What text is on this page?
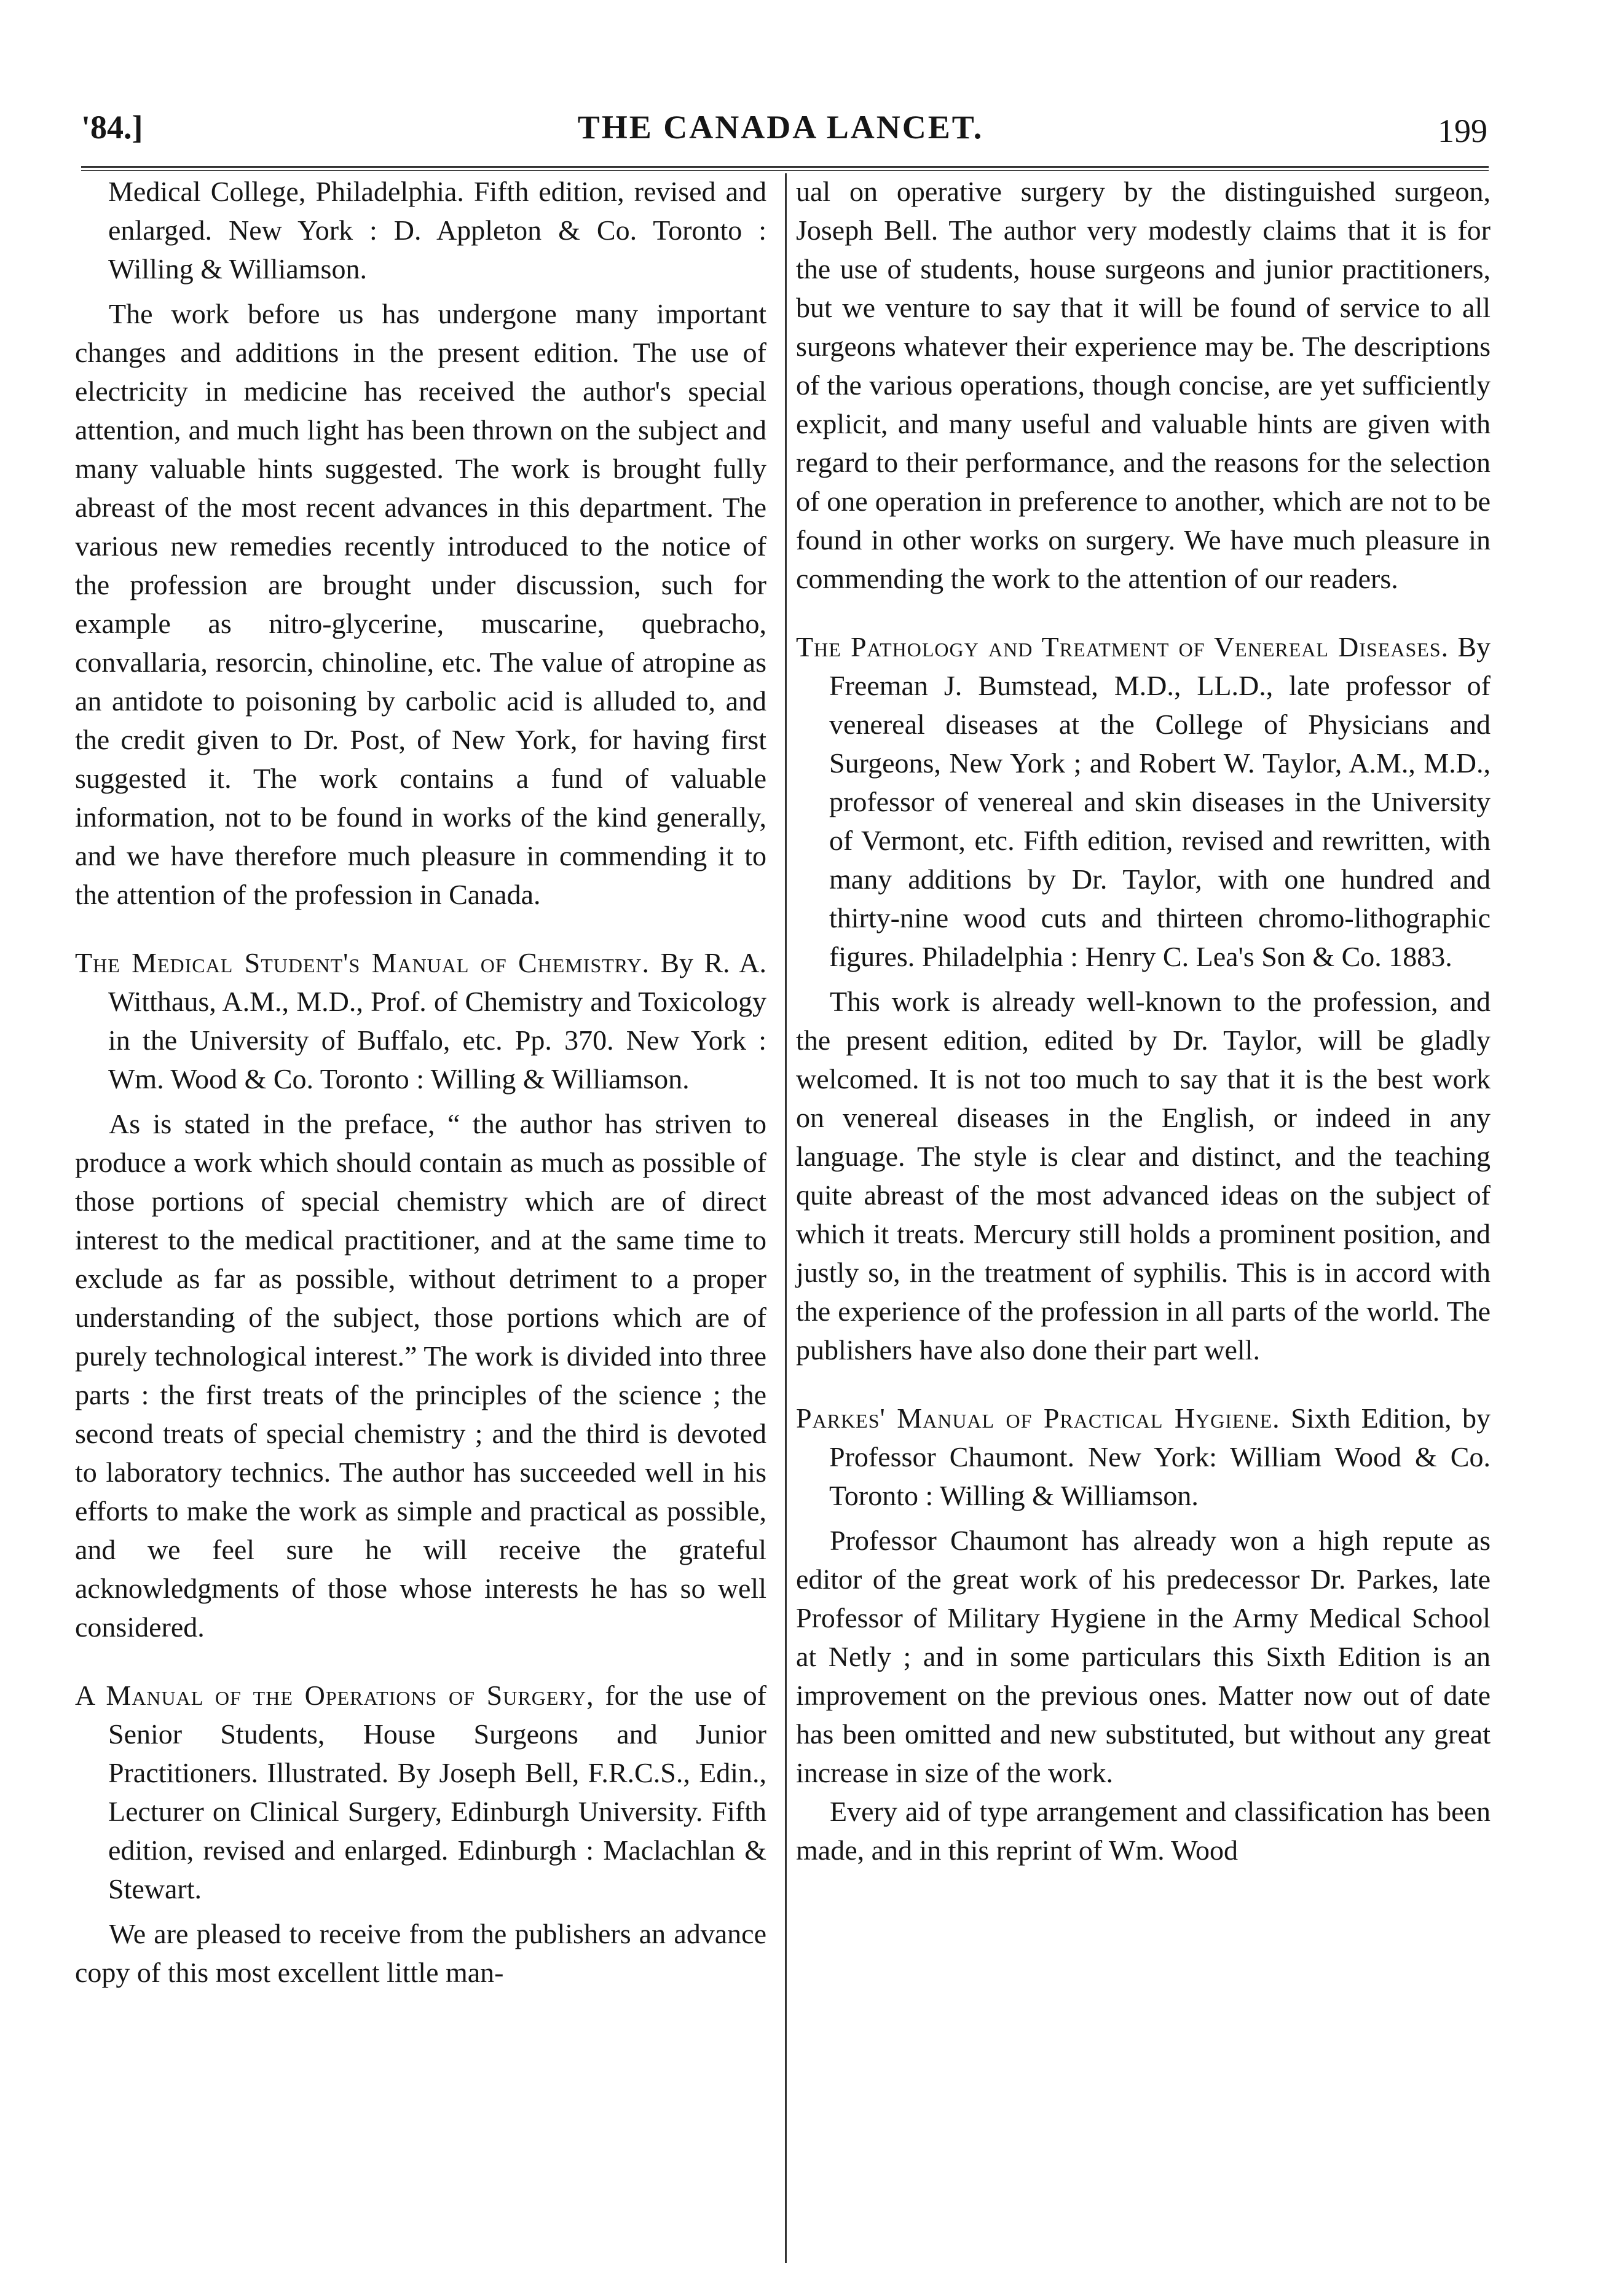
'84.]	THE CANADA LANCET.	199

Medical College, Philadelphia. Fifth edition, revised and enlarged. New York : D. Appleton & Co. Toronto : Willing & Williamson.

The work before us has undergone many important changes and additions in the present edition. The use of electricity in medicine has received the author's special attention, and much light has been thrown on the subject and many valuable hints suggested. The work is brought fully abreast of the most recent advances in this department. The various new remedies recently introduced to the notice of the profession are brought under discussion, such for example as nitro-glycerine, muscarine, quebracho, convallaria, resorcin, chinoline, etc. The value of atropine as an antidote to poisoning by carbolic acid is alluded to, and the credit given to Dr. Post, of New York, for having first suggested it. The work contains a fund of valuable information, not to be found in works of the kind generally, and we have therefore much pleasure in commending it to the attention of the profession in Canada.

The Medical Student's Manual of Chemistry. By R. A. Witthaus, A.M., M.D., Prof. of Chemistry and Toxicology in the University of Buffalo, etc. Pp. 370. New York : Wm. Wood & Co. Toronto : Willing & Williamson.

As is stated in the preface, “ the author has striven to produce a work which should contain as much as possible of those portions of special chemistry which are of direct interest to the medical practitioner, and at the same time to exclude as far as possible, without detriment to a proper understanding of the subject, those portions which are of purely technological interest.” The work is divided into three parts : the first treats of the principles of the science ; the second treats of special chemistry ; and the third is devoted to laboratory technics. The author has succeeded well in his efforts to make the work as simple and practical as possible, and we feel sure he will receive the grateful acknowledgments of those whose interests he has so well considered.

A Manual of the Operations of Surgery, for the use of Senior Students, House Surgeons and Junior Practitioners. Illustrated. By Joseph Bell, F.R.C.S., Edin., Lecturer on Clinical Surgery, Edinburgh University. Fifth edition, revised and enlarged. Edinburgh : Maclachlan & Stewart.

We are pleased to receive from the publishers an advance copy of this most excellent little man-

ual on operative surgery by the distinguished surgeon, Joseph Bell. The author very modestly claims that it is for the use of students, house surgeons and junior practitioners, but we venture to say that it will be found of service to all surgeons whatever their experience may be. The descriptions of the various operations, though concise, are yet sufficiently explicit, and many useful and valuable hints are given with regard to their performance, and the reasons for the selection of one operation in preference to another, which are not to be found in other works on surgery. We have much pleasure in commending the work to the attention of our readers.

The Pathology and Treatment of Venereal Diseases. By Freeman J. Bumstead, M.D., LL.D., late professor of venereal diseases at the College of Physicians and Surgeons, New York ; and Robert W. Taylor, A.M., M.D., professor of venereal and skin diseases in the University of Vermont, etc. Fifth edition, revised and rewritten, with many additions by Dr. Taylor, with one hundred and thirty-nine wood cuts and thirteen chromo-lithographic figures. Philadelphia : Henry C. Lea's Son & Co. 1883.

This work is already well-known to the profession, and the present edition, edited by Dr. Taylor, will be gladly welcomed. It is not too much to say that it is the best work on venereal diseases in the English, or indeed in any language. The style is clear and distinct, and the teaching quite abreast of the most advanced ideas on the subject of which it treats. Mercury still holds a prominent position, and justly so, in the treatment of syphilis. This is in accord with the experience of the profession in all parts of the world. The publishers have also done their part well.

Parkes' Manual of Practical Hygiene. Sixth Edition, by Professor Chaumont. New York: William Wood & Co. Toronto : Willing & Williamson.

Professor Chaumont has already won a high repute as editor of the great work of his predecessor Dr. Parkes, late Professor of Military Hygiene in the Army Medical School at Netly ; and in some particulars this Sixth Edition is an improvement on the previous ones. Matter now out of date has been omitted and new substituted, but without any great increase in size of the work.

Every aid of type arrangement and classification has been made, and in this reprint of Wm. Wood
